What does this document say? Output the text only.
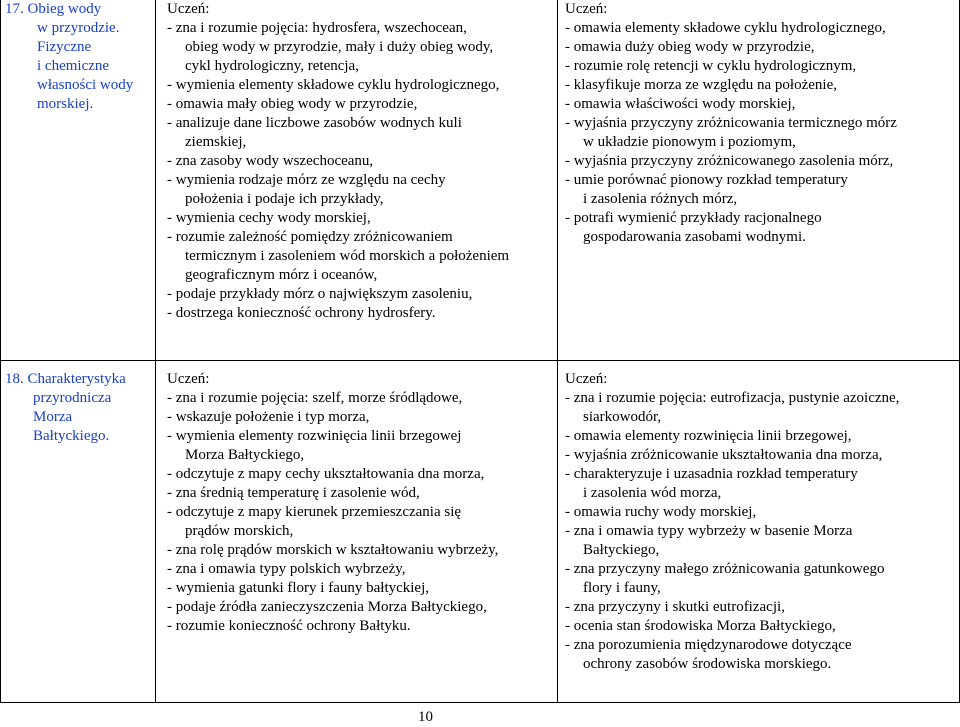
17. Obieg wody
w przyrodzie.
Fizyczne
i chemiczne
własności wody
morskiej.
Uczeń:
- zna i rozumie pojęcia: hydrosfera, wszechocean,
obieg wody w przyrodzie, mały i duży obieg wody,
cykl hydrologiczny, retencja,
- wymienia elementy składowe cyklu hydrologicznego,
- omawia mały obieg wody w przyrodzie,
- analizuje dane liczbowe zasobów wodnych kuli
ziemskiej,
- zna zasoby wody wszechoceanu,
- wymienia rodzaje mórz ze względu na cechy
położenia i podaje ich przykłady,
- wymienia cechy wody morskiej,
- rozumie zależność pomiędzy zróżnicowaniem
termicznym i zasoleniem wód morskich a położeniem
geograficznym mórz i oceanów,
- podaje przykłady mórz o największym zasoleniu,
- dostrzega konieczność ochrony hydrosfery.
Uczeń:
- omawia elementy składowe cyklu hydrologicznego,
- omawia duży obieg wody w przyrodzie,
- rozumie rolę retencji w cyklu hydrologicznym,
- klasyfikuje morza ze względu na położenie,
- omawia właściwości wody morskiej,
- wyjaśnia przyczyny zróżnicowania termicznego mórz
w układzie pionowym i poziomym,
- wyjaśnia przyczyny zróżnicowanego zasolenia mórz,
- umie porównać pionowy rozkład temperatury
i zasolenia różnych mórz,
- potrafi wymienić przykłady racjonalnego
gospodarowania zasobami wodnymi.
18. Charakterystyka
przyrodnicza
Morza
Bałtyckiego.
Uczeń:
- zna i rozumie pojęcia: szelf, morze śródlądowe,
- wskazuje położenie i typ morza,
- wymienia elementy rozwinięcia linii brzegowej
Morza Bałtyckiego,
- odczytuje z mapy cechy ukształtowania dna morza,
- zna średnią temperaturę i zasolenie wód,
- odczytuje z mapy kierunek przemieszczania się
prądów morskich,
- zna rolę prądów morskich w kształtowaniu wybrzeży,
- zna i omawia typy polskich wybrzeży,
- wymienia gatunki flory i fauny bałtyckiej,
- podaje źródła zanieczyszczenia Morza Bałtyckiego,
- rozumie konieczność ochrony Bałtyku.
Uczeń:
- zna i rozumie pojęcia: eutrofizacja, pustynie azoiczne,
siarkowodór,
- omawia elementy rozwinięcia linii brzegowej,
- wyjaśnia zróżnicowanie ukształtowania dna morza,
- charakteryzuje i uzasadnia rozkład temperatury
i zasolenia wód morza,
- omawia ruchy wody morskiej,
- zna i omawia typy wybrzeży w basenie Morza
Bałtyckiego,
- zna przyczyny małego zróżnicowania gatunkowego
flory i fauny,
- zna przyczyny i skutki eutrofizacji,
- ocenia stan środowiska Morza Bałtyckiego,
- zna porozumienia międzynarodowe dotyczące
ochrony zasobów środowiska morskiego.
10
